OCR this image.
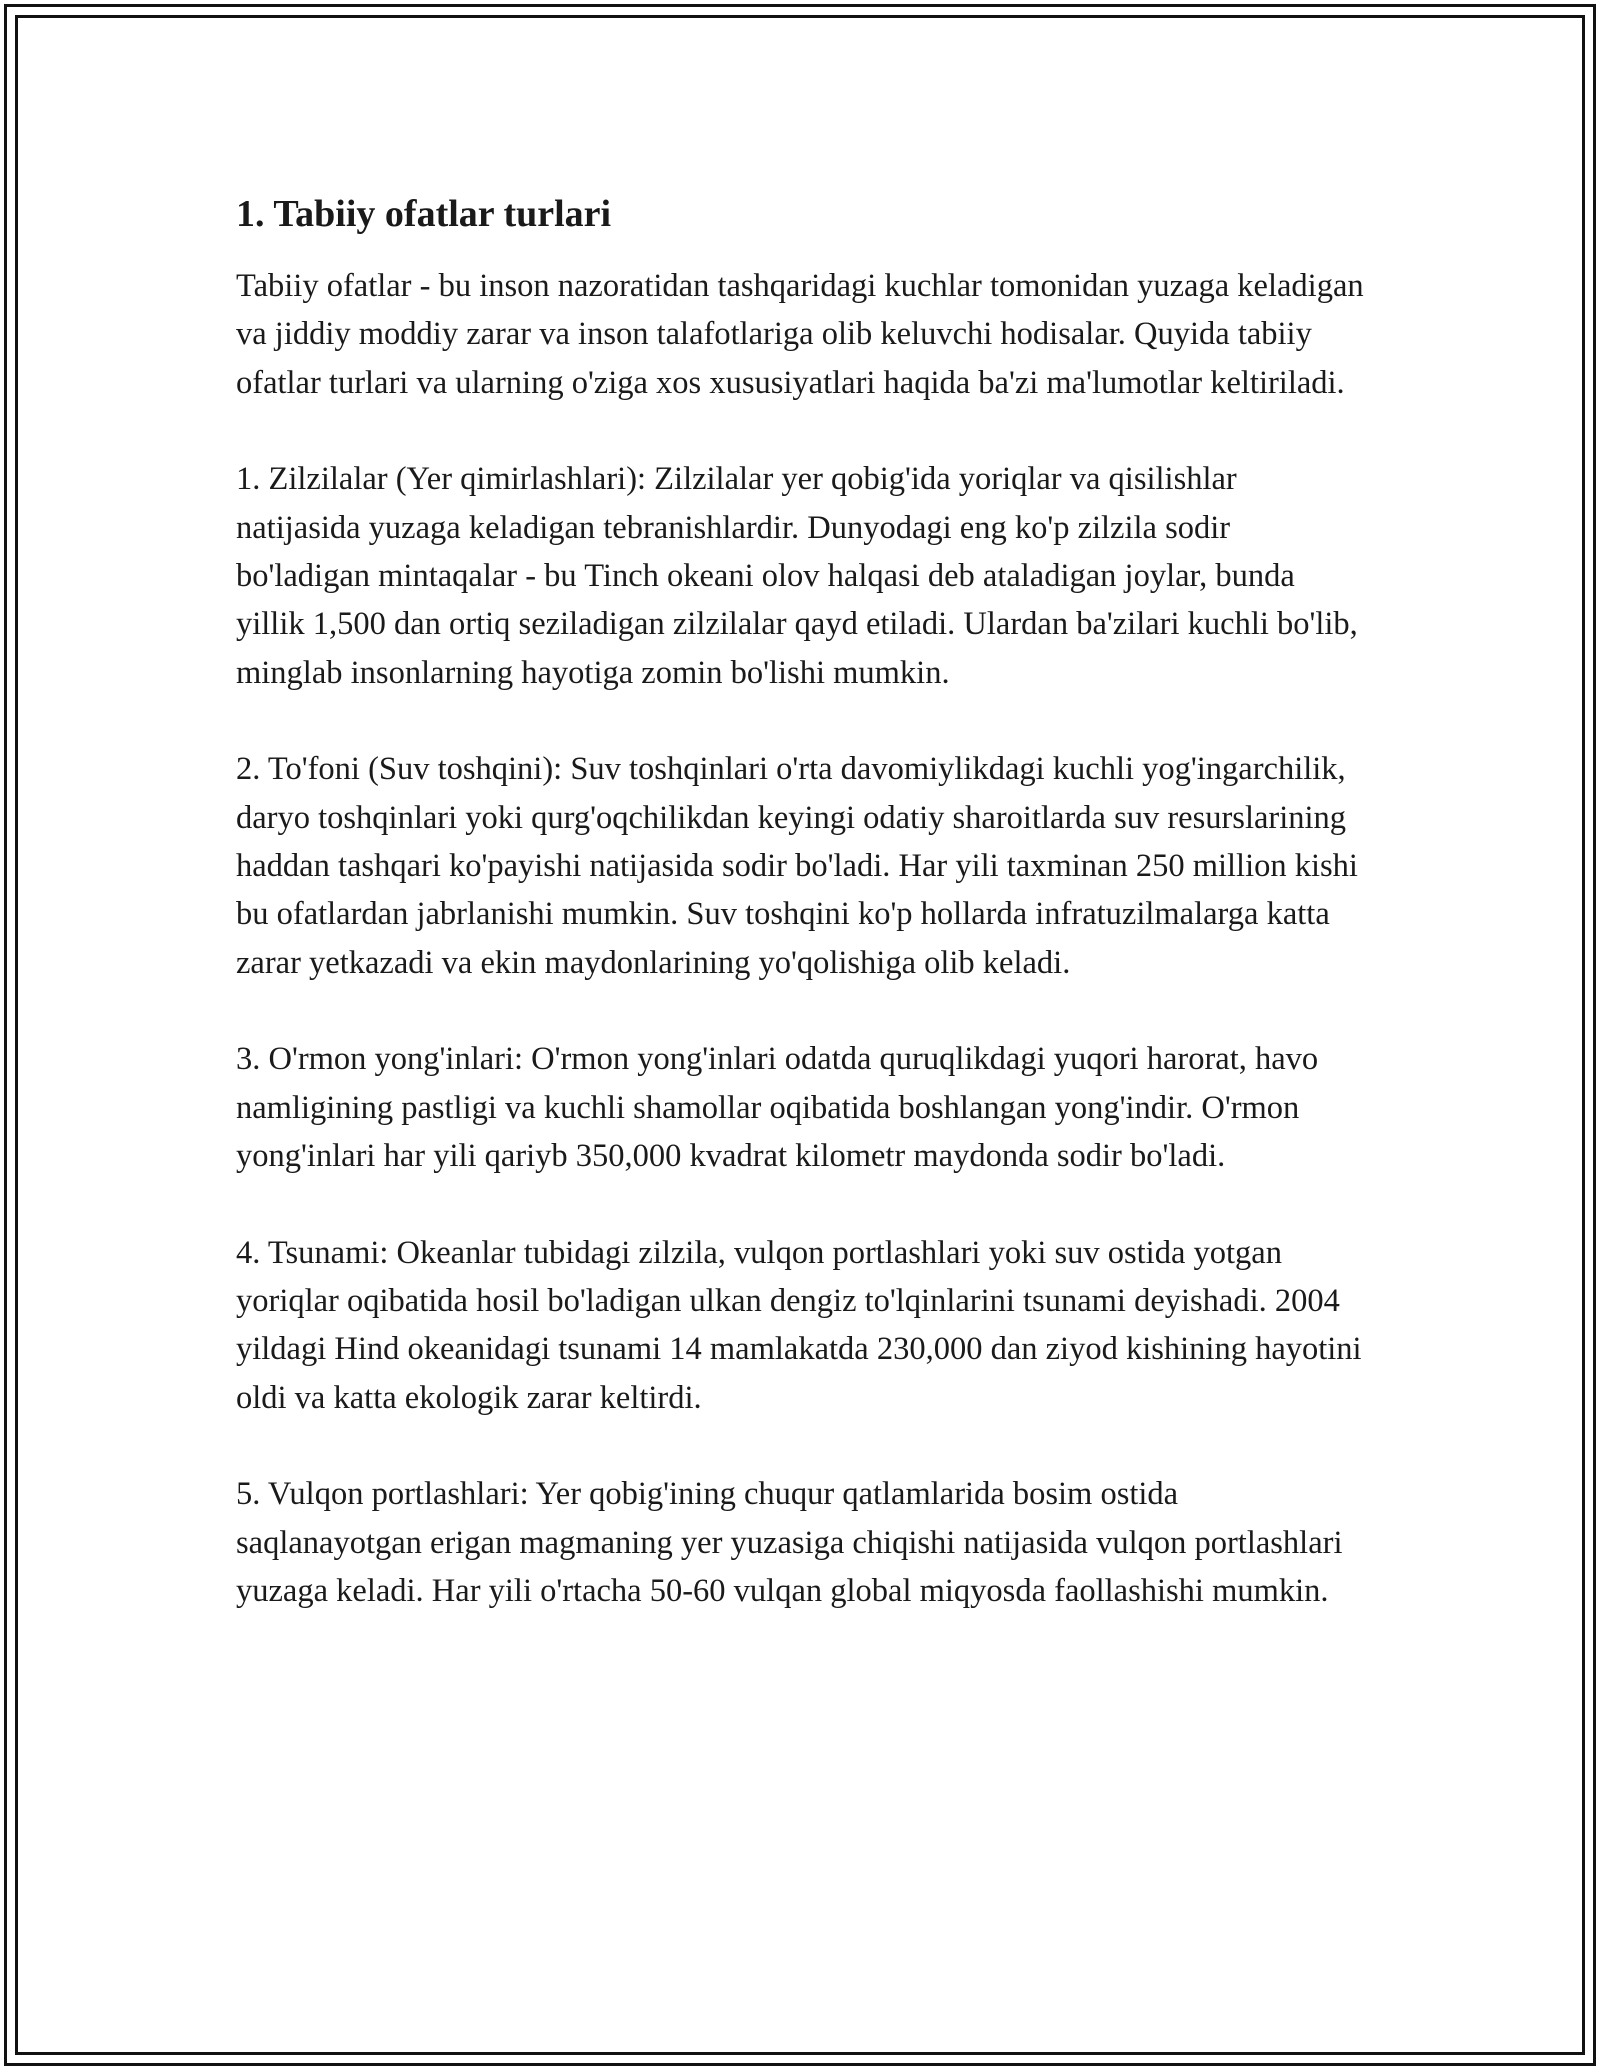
1. Tabiiy ofatlar turlari

Tabiiy ofatlar - bu inson nazoratidan tashqaridagi kuchlar tomonidan yuzaga keladigan va jiddiy moddiy zarar va inson talafotlariga olib keluvchi hodisalar. Quyida tabiiy ofatlar turlari va ularning o'ziga xos xususiyatlari haqida ba'zi ma'lumotlar keltiriladi.

1. Zilzilalar (Yer qimirlashlari): Zilzilalar yer qobig'ida yoriqlar va qisilishlar natijasida yuzaga keladigan tebranishlardir. Dunyodagi eng ko'p zilzila sodir bo'ladigan mintaqalar - bu Tinch okeani olov halqasi deb ataladigan joylar, bunda yillik 1,500 dan ortiq seziladigan zilzilalar qayd etiladi. Ulardan ba'zilari kuchli bo'lib, minglab insonlarning hayotiga zomin bo'lishi mumkin.

2. To'foni (Suv toshqini): Suv toshqinlari o'rta davomiylikdagi kuchli yog'ingarchilik, daryo toshqinlari yoki qurg'oqchilikdan keyingi odatiy sharoitlarda suv resurslarining haddan tashqari ko'payishi natijasida sodir bo'ladi. Har yili taxminan 250 million kishi bu ofatlardan jabrlanishi mumkin. Suv toshqini ko'p hollarda infratuzilmalarga katta zarar yetkazadi va ekin maydonlarining yo'qolishiga olib keladi.

3. O'rmon yong'inlari: O'rmon yong'inlari odatda quruqlikdagi yuqori harorat, havo namligining pastligi va kuchli shamollar oqibatida boshlangan yong'indir. O'rmon yong'inlari har yili qariyb 350,000 kvadrat kilometr maydonda sodir bo'ladi.

4. Tsunami: Okeanlar tubidagi zilzila, vulqon portlashlari yoki suv ostida yotgan yoriqlar oqibatida hosil bo'ladigan ulkan dengiz to'lqinlarini tsunami deyishadi. 2004 yildagi Hind okeanidagi tsunami 14 mamlakatda 230,000 dan ziyod kishining hayotini oldi va katta ekologik zarar keltirdi.

5. Vulqon portlashlari: Yer qobig'ining chuqur qatlamlarida bosim ostida saqlanayotgan erigan magmaning yer yuzasiga chiqishi natijasida vulqon portlashlari yuzaga keladi. Har yili o'rtacha 50-60 vulqan global miqyosda faollashishi mumkin.
